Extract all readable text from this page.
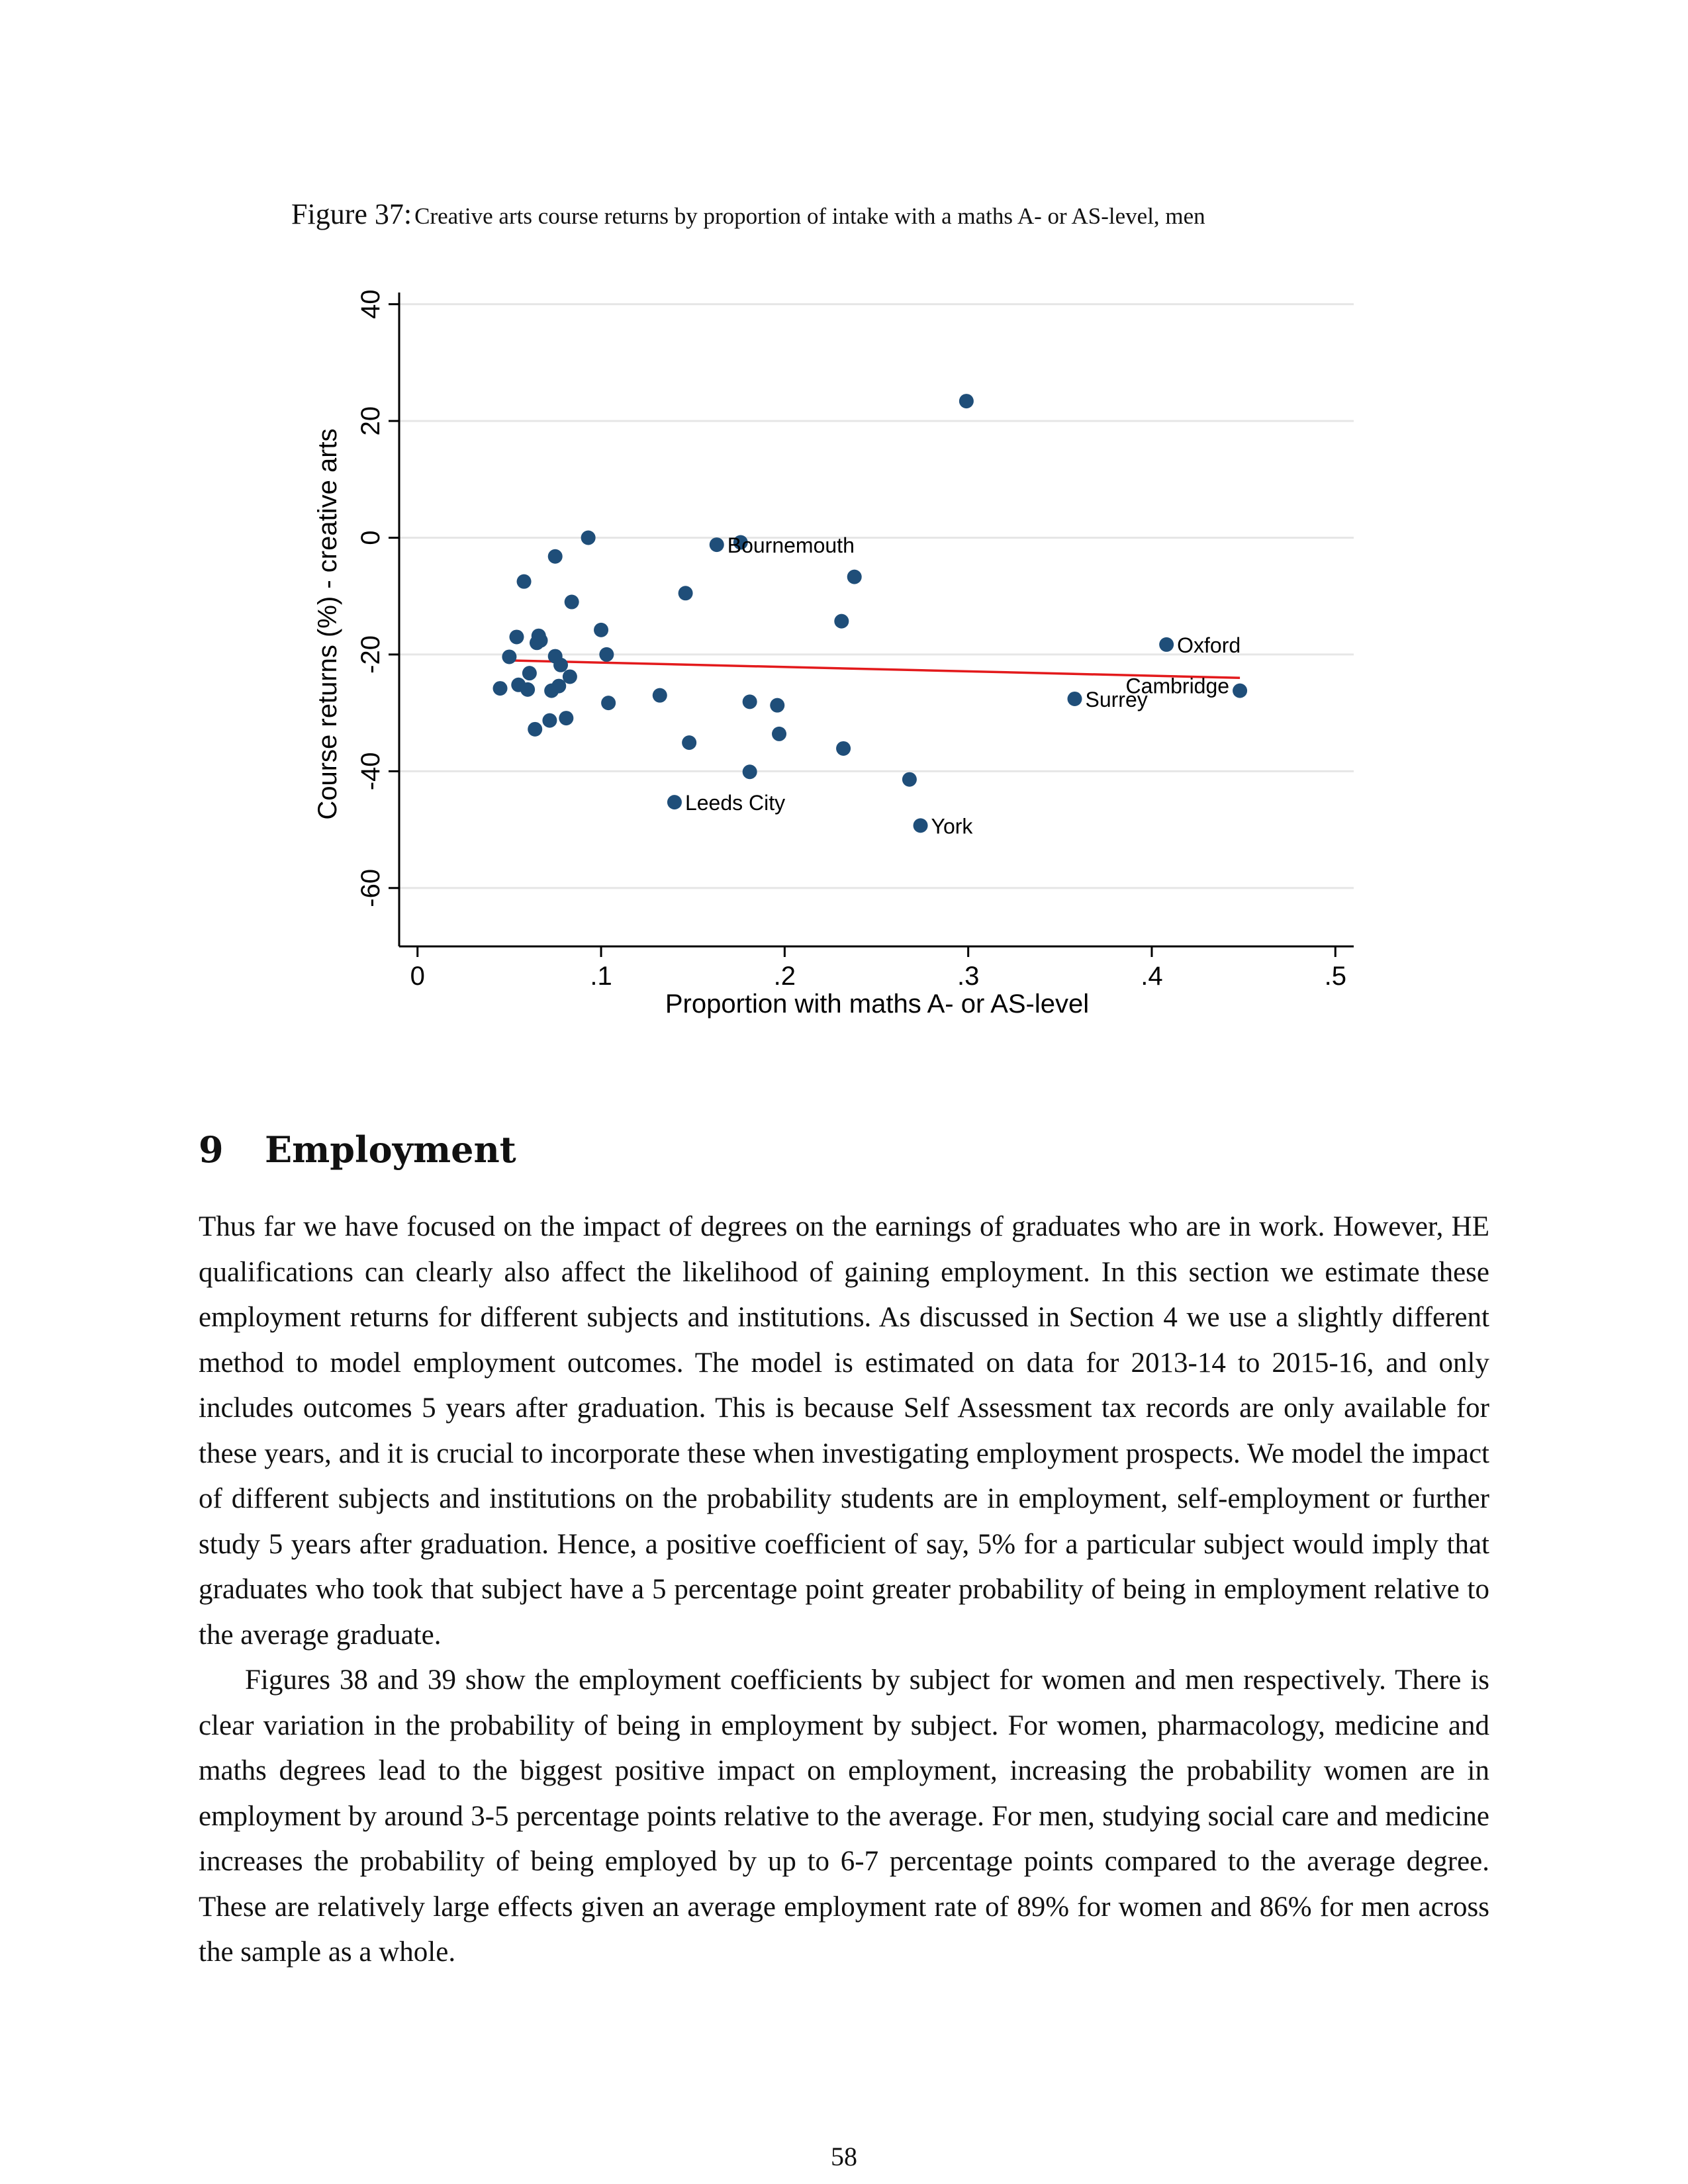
Figure 37: Creative arts course returns by proportion of intake with a maths A- or AS-level, men
-60
-40
-20
0
20
40
0	.1	.2	.3	.4	.5
Bournemouth
Oxford
Surrey
Cambridge
Leeds City
York
Proportion with maths A- or AS-level
Course returns (%) - creative arts
9 Employment

Thus far we have focused on the impact of degrees on the earnings of graduates who are in work. However, HE qualifications can clearly also affect the likelihood of gaining employment. In this section we estimate these employment returns for different subjects and institutions. As discussed in Section 4 we use a slightly different method to model employment outcomes. The model is estimated on data for 2013-14 to 2015-16, and only includes outcomes 5 years after graduation. This is because Self Assessment tax records are only available for these years, and it is crucial to incorporate these when investigating employment prospects. We model the impact of different subjects and institutions on the probability students are in employment, self-employment or further study 5 years after graduation. Hence, a positive coefficient of say, 5% for a particular subject would imply that graduates who took that subject have a 5 percentage point greater probability of being in employment relative to the average graduate.

Figures 38 and 39 show the employment coefficients by subject for women and men respectively. There is clear variation in the probability of being in employment by subject. For women, pharmacology, medicine and maths degrees lead to the biggest positive impact on employment, increasing the probability women are in employment by around 3-5 percentage points relative to the average. For men, studying social care and medicine increases the probability of being employed by up to 6-7 percentage points compared to the average degree. These are relatively large effects given an average employment rate of 89% for women and 86% for men across the sample as a whole.

58
